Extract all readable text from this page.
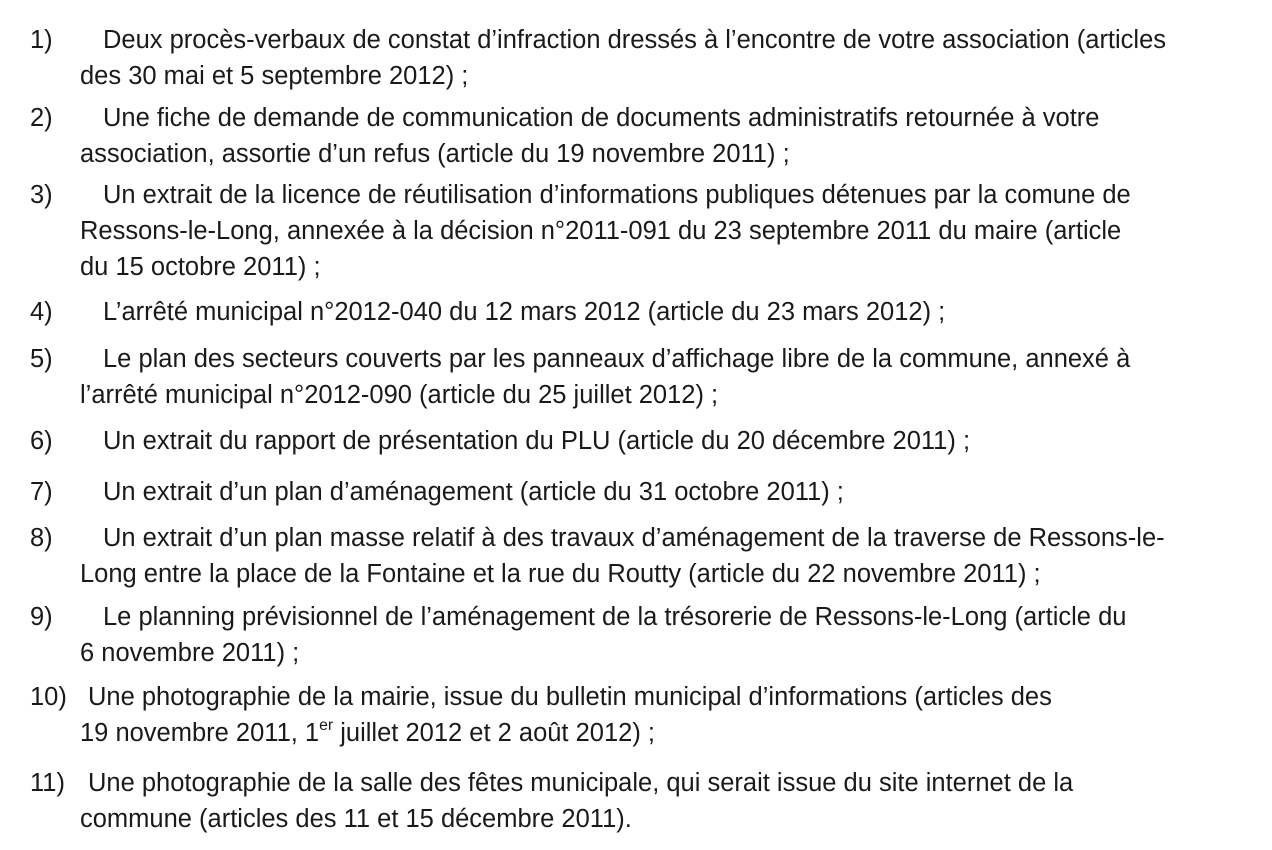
1) Deux procès-verbaux de constat d’infraction dressés à l’encontre de votre association (articles
des 30 mai et 5 septembre 2012) ;
2) Une fiche de demande de communication de documents administratifs retournée à votre
association, assortie d’un refus (article du 19 novembre 2011) ;
3) Un extrait de la licence de réutilisation d’informations publiques détenues par la comune de
Ressons-le-Long, annexée à la décision n°2011-091 du 23 septembre 2011 du maire (article
du 15 octobre 2011) ;
4) L’arrêté municipal n°2012-040 du 12 mars 2012 (article du 23 mars 2012) ;
5) Le plan des secteurs couverts par les panneaux d’affichage libre de la commune, annexé à
l’arrêté municipal n°2012-090 (article du 25 juillet 2012) ;
6) Un extrait du rapport de présentation du PLU (article du 20 décembre 2011) ;
7) Un extrait d’un plan d’aménagement (article du 31 octobre 2011) ;
8) Un extrait d’un plan masse relatif à des travaux d’aménagement de la traverse de Ressons-le-
Long entre la place de la Fontaine et la rue du Routty (article du 22 novembre 2011) ;
9) Le planning prévisionnel de l’aménagement de la trésorerie de Ressons-le-Long (article du
6 novembre 2011) ;
10) Une photographie de la mairie, issue du bulletin municipal d’informations (articles des
19 novembre 2011, 1er juillet 2012 et 2 août 2012) ;
11) Une photographie de la salle des fêtes municipale, qui serait issue du site internet de la
commune (articles des 11 et 15 décembre 2011).
